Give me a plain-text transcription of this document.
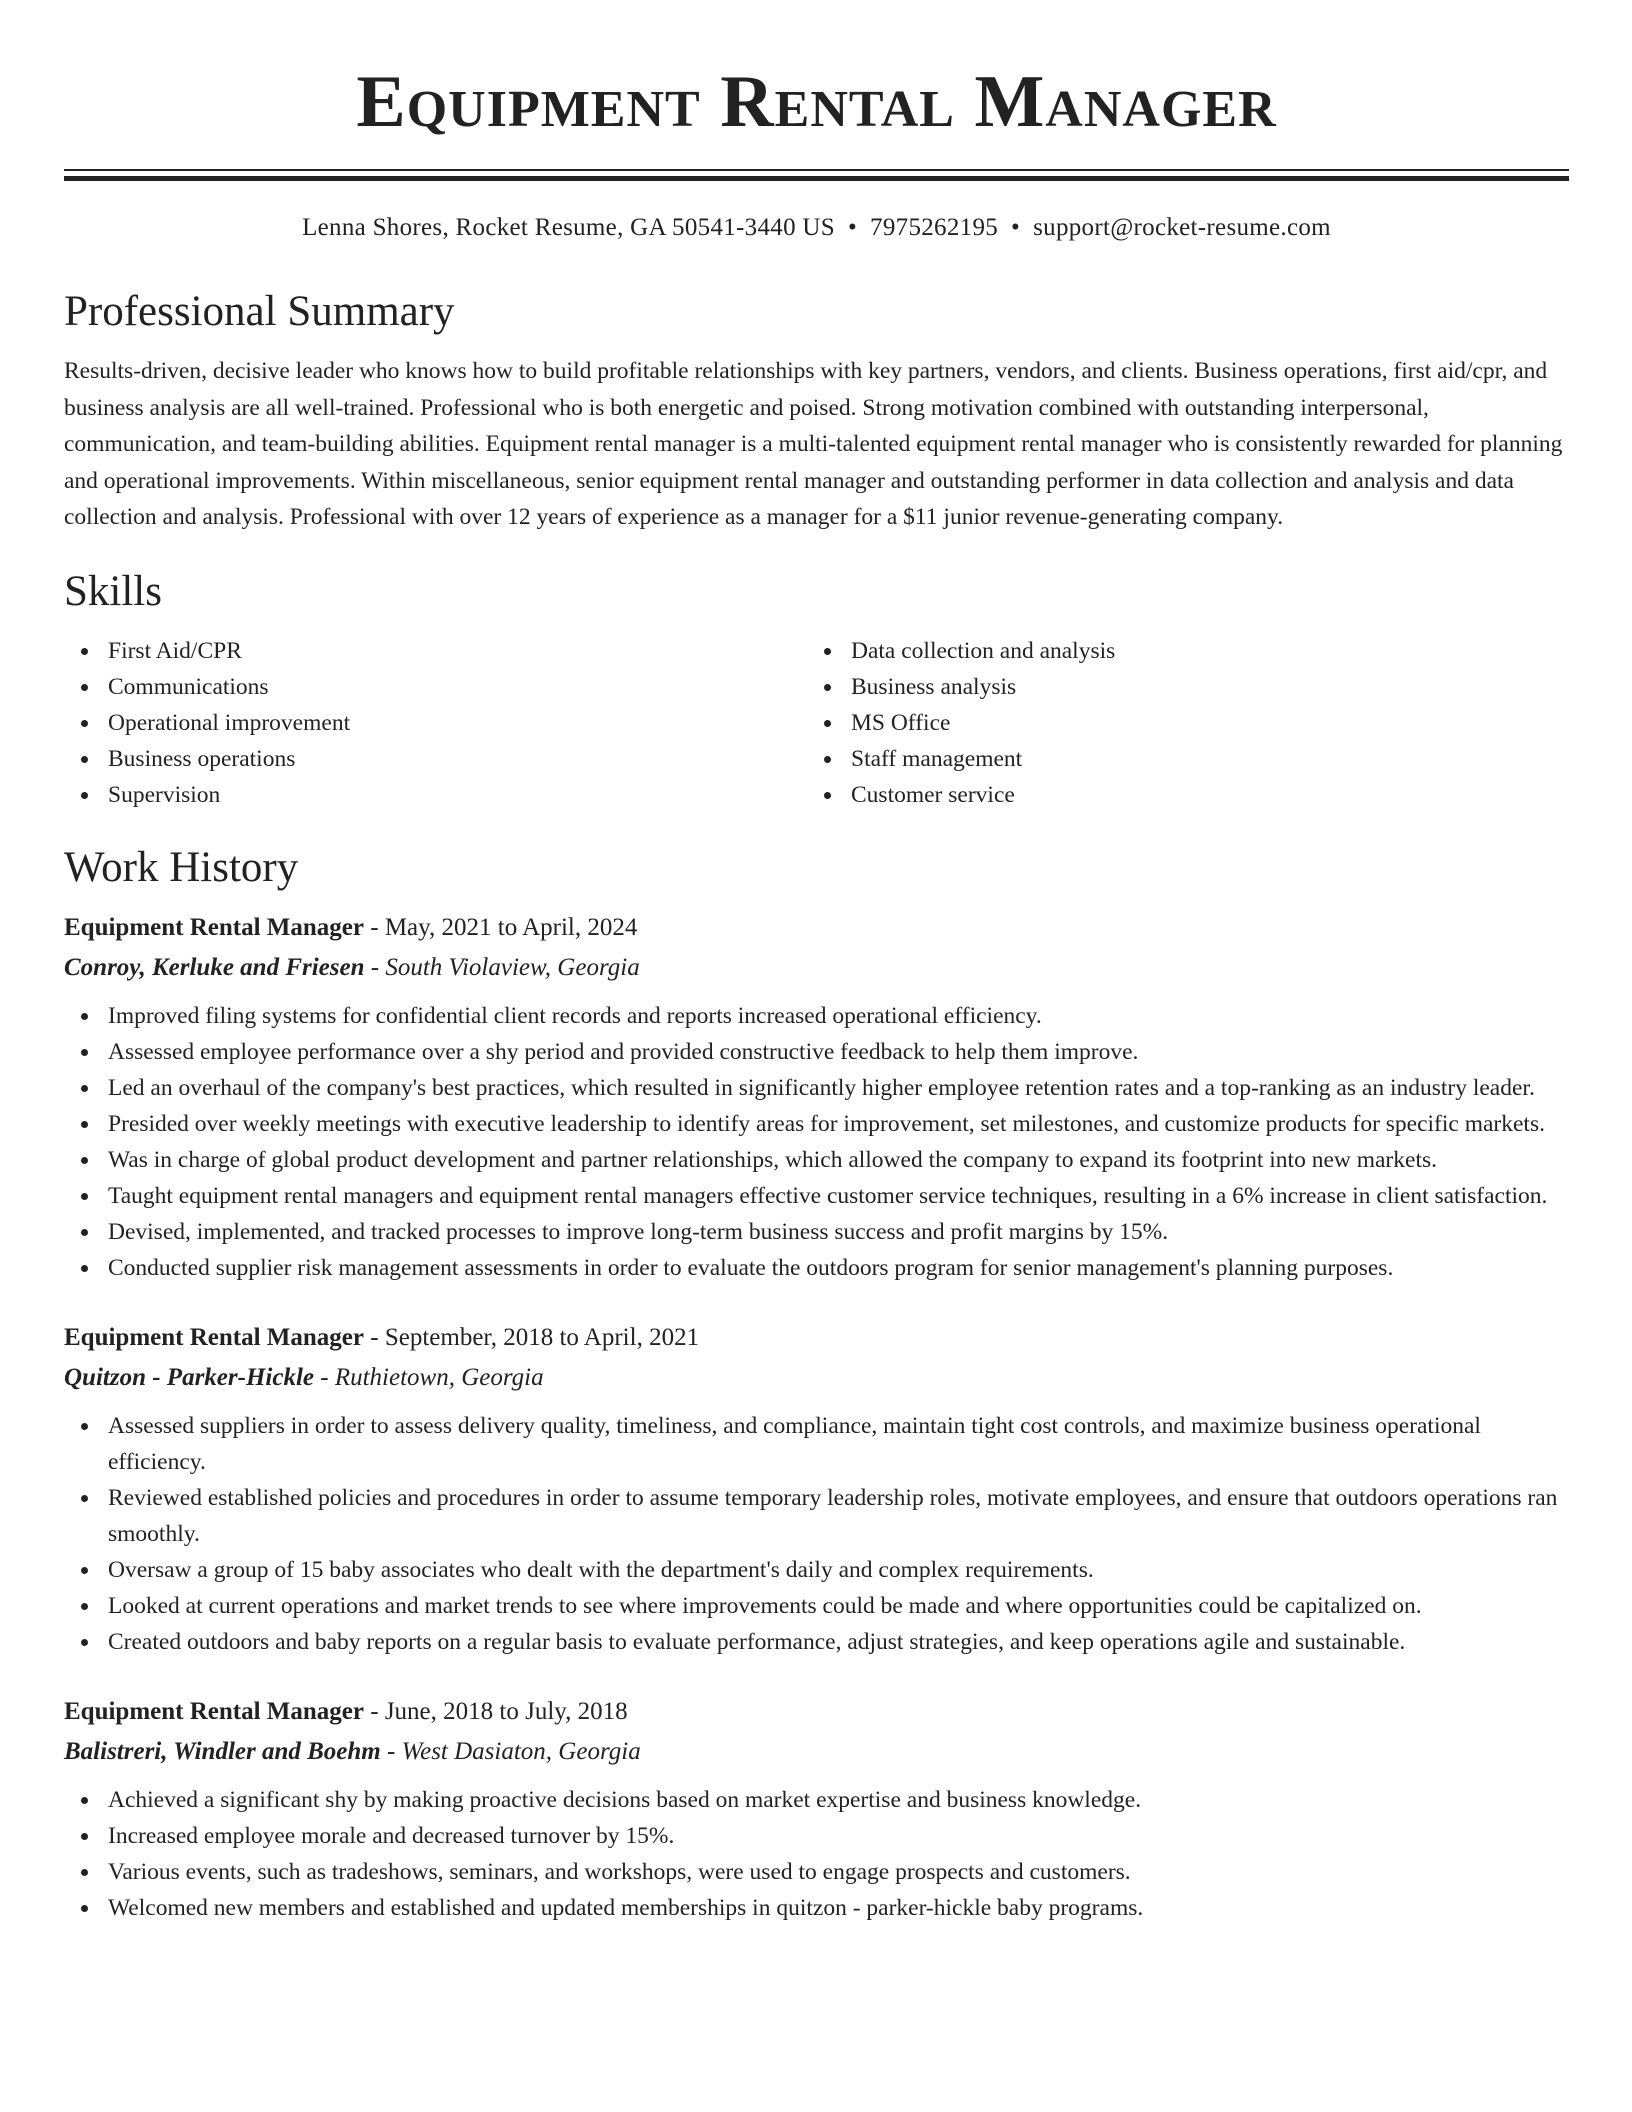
Equipment Rental Manager
Lenna Shores, Rocket Resume, GA 50541-3440 US • 7975262195 • support@rocket-resume.com
Professional Summary
Results-driven, decisive leader who knows how to build profitable relationships with key partners, vendors, and clients. Business operations, first aid/cpr, and business analysis are all well-trained. Professional who is both energetic and poised. Strong motivation combined with outstanding interpersonal, communication, and team-building abilities. Equipment rental manager is a multi-talented equipment rental manager who is consistently rewarded for planning and operational improvements. Within miscellaneous, senior equipment rental manager and outstanding performer in data collection and analysis and data collection and analysis. Professional with over 12 years of experience as a manager for a $11 junior revenue-generating company.
Skills
First Aid/CPR
Communications
Operational improvement
Business operations
Supervision
Data collection and analysis
Business analysis
MS Office
Staff management
Customer service
Work History
Equipment Rental Manager - May, 2021 to April, 2024
Conroy, Kerluke and Friesen - South Violaview, Georgia
Improved filing systems for confidential client records and reports increased operational efficiency.
Assessed employee performance over a shy period and provided constructive feedback to help them improve.
Led an overhaul of the company's best practices, which resulted in significantly higher employee retention rates and a top-ranking as an industry leader.
Presided over weekly meetings with executive leadership to identify areas for improvement, set milestones, and customize products for specific markets.
Was in charge of global product development and partner relationships, which allowed the company to expand its footprint into new markets.
Taught equipment rental managers and equipment rental managers effective customer service techniques, resulting in a 6% increase in client satisfaction.
Devised, implemented, and tracked processes to improve long-term business success and profit margins by 15%.
Conducted supplier risk management assessments in order to evaluate the outdoors program for senior management's planning purposes.
Equipment Rental Manager - September, 2018 to April, 2021
Quitzon - Parker-Hickle - Ruthietown, Georgia
Assessed suppliers in order to assess delivery quality, timeliness, and compliance, maintain tight cost controls, and maximize business operational efficiency.
Reviewed established policies and procedures in order to assume temporary leadership roles, motivate employees, and ensure that outdoors operations ran smoothly.
Oversaw a group of 15 baby associates who dealt with the department's daily and complex requirements.
Looked at current operations and market trends to see where improvements could be made and where opportunities could be capitalized on.
Created outdoors and baby reports on a regular basis to evaluate performance, adjust strategies, and keep operations agile and sustainable.
Equipment Rental Manager - June, 2018 to July, 2018
Balistreri, Windler and Boehm - West Dasiaton, Georgia
Achieved a significant shy by making proactive decisions based on market expertise and business knowledge.
Increased employee morale and decreased turnover by 15%.
Various events, such as tradeshows, seminars, and workshops, were used to engage prospects and customers.
Welcomed new members and established and updated memberships in quitzon - parker-hickle baby programs.
